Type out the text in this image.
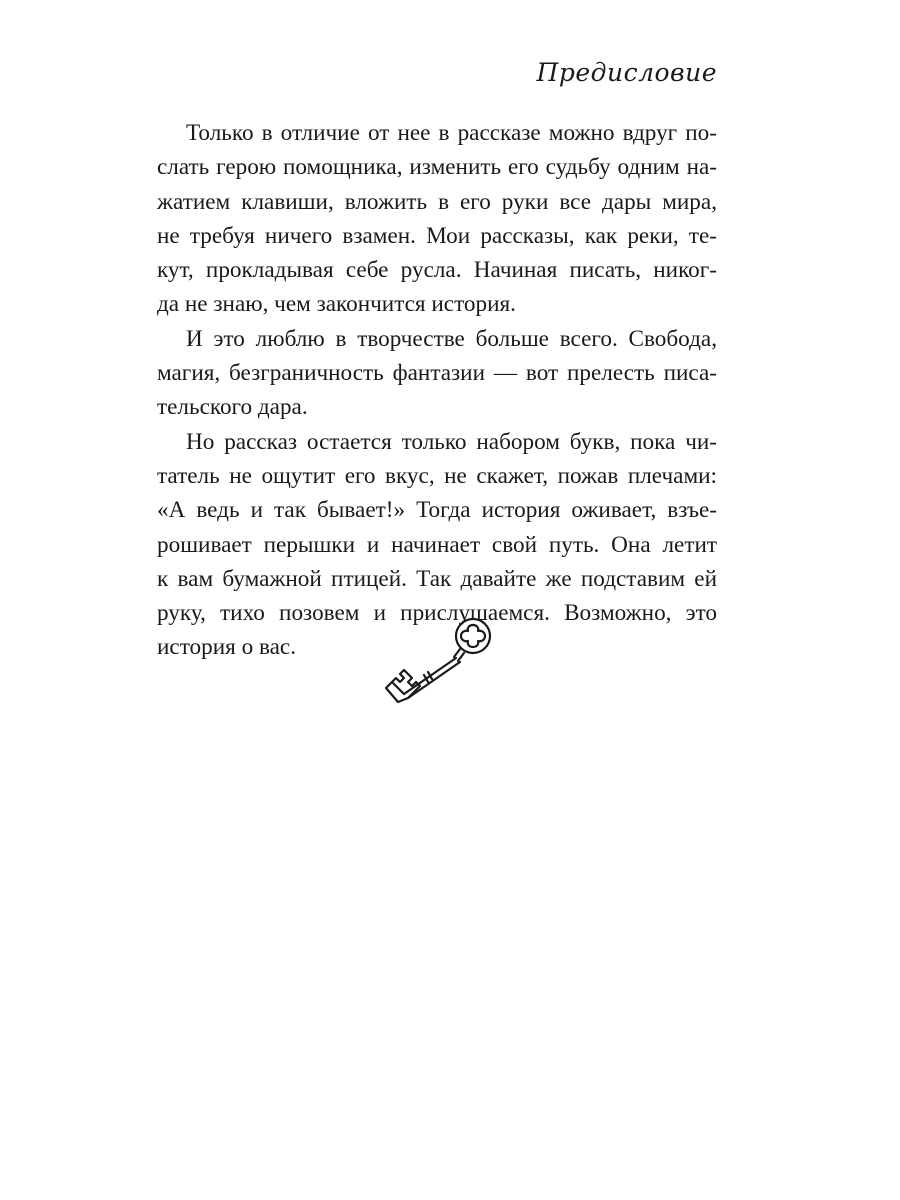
Предисловие
Только в отличие от нее в рассказе можно вдруг по-
слать герою помощника, изменить его судьбу одним на-
жатием клавиши, вложить в его руки все дары мира,
не требуя ничего взамен. Мои рассказы, как реки, те-
кут, прокладывая себе русла. Начиная писать, никог-
да не знаю, чем закончится история.
И это люблю в творчестве больше всего. Свобода,
магия, безграничность фантазии — вот прелесть писа-
тельского дара.
Но рассказ остается только набором букв, пока чи-
татель не ощутит его вкус, не скажет, пожав плечами:
«А ведь и так бывает!» Тогда история оживает, взъе-
рошивает перышки и начинает свой путь. Она летит
к вам бумажной птицей. Так давайте же подставим ей
руку, тихо позовем и прислушаемся. Возможно, это
история о вас.
